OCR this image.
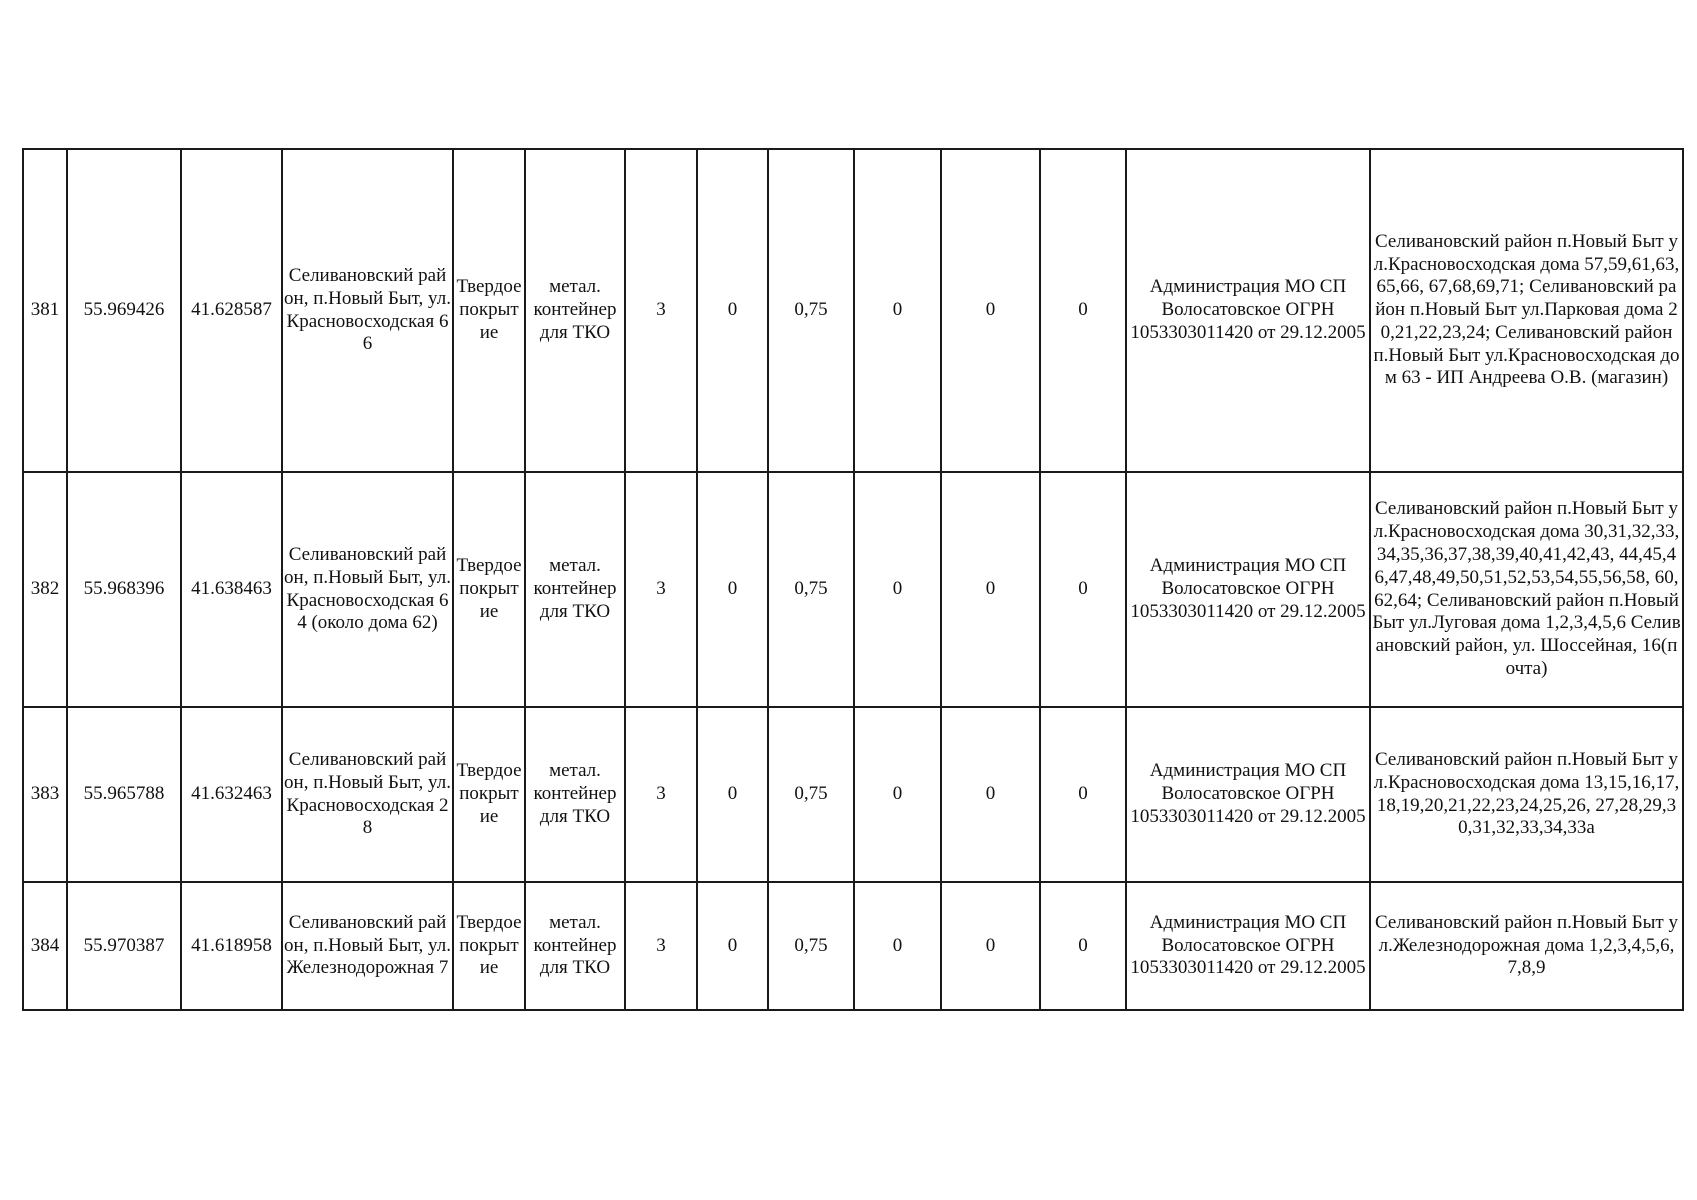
381	55.969426	41.628587	Селивановский район, п.Новый Быт, ул.Красновосходская 66	Твердое покрытие	метал. контейнер для ТКО	3	0	0,75	0	0	0	Администрация МО СП Волосатовское ОГРН 1053303011420 от 29.12.2005	Селивановский район п.Новый Быт ул.Красновосходская дома 57,59,61,63,65,66, 67,68,69,71; Селивановский район п.Новый Быт ул.Парковая дома 20,21,22,23,24; Селивановский район п.Новый Быт ул.Красновосходская дом 63 - ИП Андреева О.В. (магазин)
382	55.968396	41.638463	Селивановский район, п.Новый Быт, ул.Красновосходская 64 (около дома 62)	Твердое покрытие	метал. контейнер для ТКО	3	0	0,75	0	0	0	Администрация МО СП Волосатовское ОГРН 1053303011420 от 29.12.2005	Селивановский район п.Новый Быт ул.Красновосходская дома 30,31,32,33,34,35,36,37,38,39,40,41,42,43, 44,45,46,47,48,49,50,51,52,53,54,55,56,58, 60,62,64; Селивановский район п.Новый Быт ул.Луговая дома 1,2,3,4,5,6 Селивановский район, ул. Шоссейная, 16(почта)
383	55.965788	41.632463	Селивановский район, п.Новый Быт, ул.Красновосходская 28	Твердое покрытие	метал. контейнер для ТКО	3	0	0,75	0	0	0	Администрация МО СП Волосатовское ОГРН 1053303011420 от 29.12.2005	Селивановский район п.Новый Быт ул.Красновосходская дома 13,15,16,17,18,19,20,21,22,23,24,25,26, 27,28,29,30,31,32,33,34,33а
384	55.970387	41.618958	Селивановский район, п.Новый Быт, ул.Железнодорожная 7	Твердое покрытие	метал. контейнер для ТКО	3	0	0,75	0	0	0	Администрация МО СП Волосатовское ОГРН 1053303011420 от 29.12.2005	Селивановский район п.Новый Быт ул.Железнодорожная дома 1,2,3,4,5,6,7,8,9
